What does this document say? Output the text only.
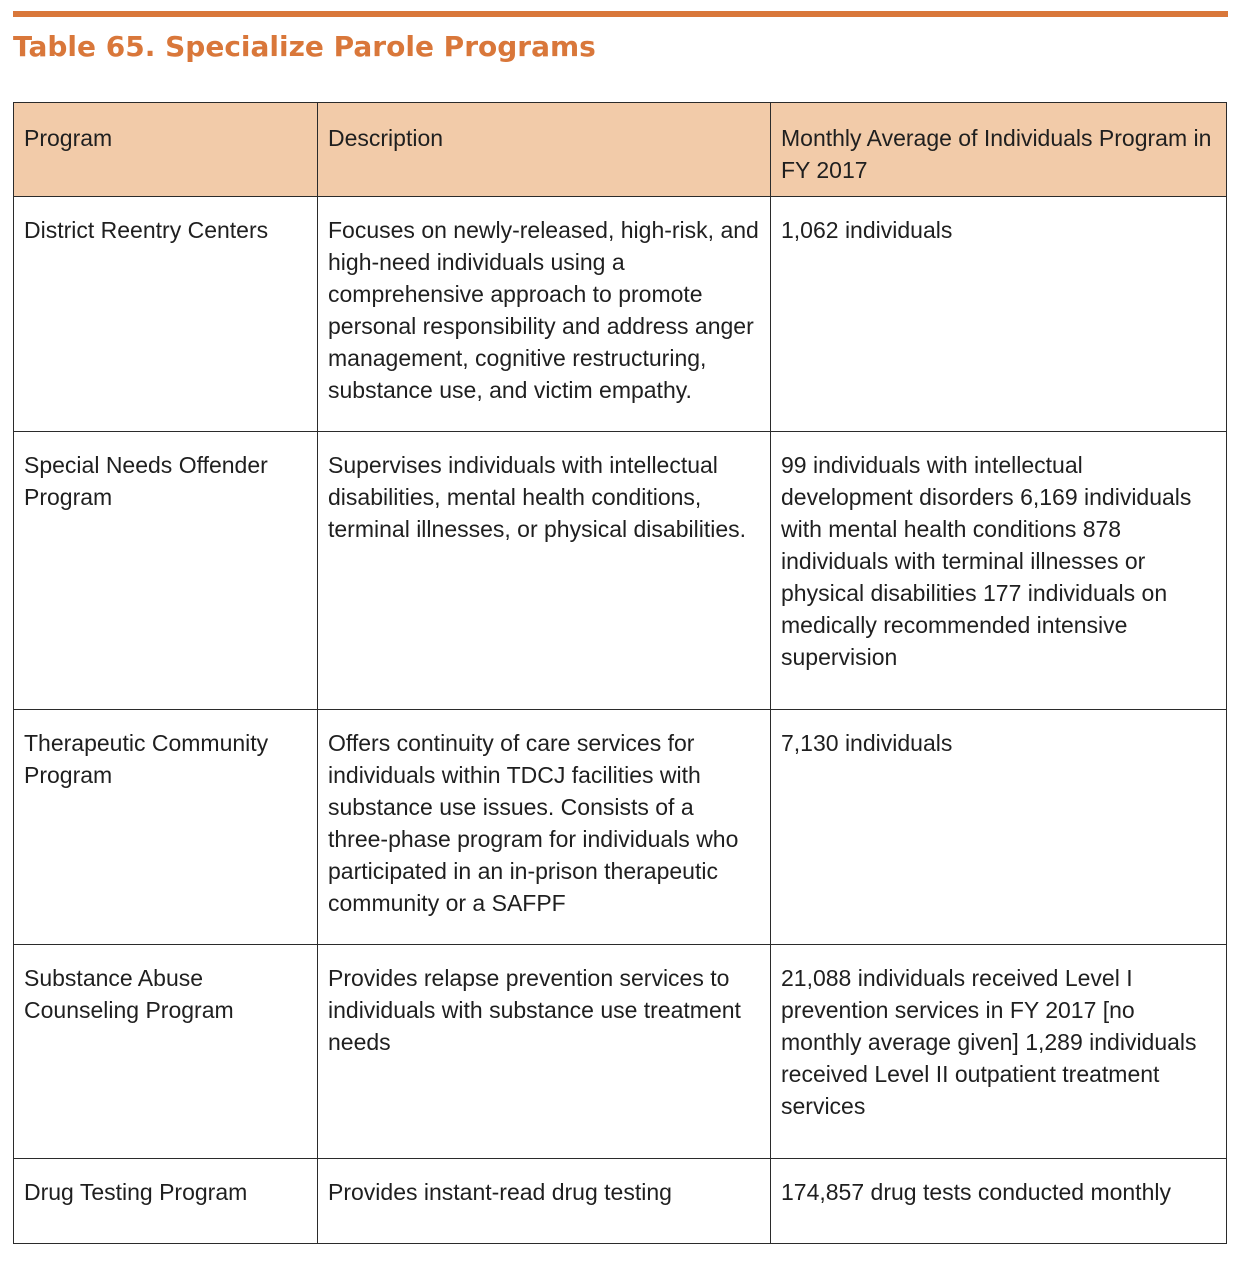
Table 65. Specialize Parole Programs
Program	Description	Monthly Average of Individuals Program in FY 2017
District Reentry Centers	Focuses on newly-released, high-risk, and high-need individuals using a comprehensive approach to promote personal responsibility and address anger management, cognitive restructuring, substance use, and victim empathy.	1,062 individuals
Special Needs Offender Program	Supervises individuals with intellectual disabilities, mental health conditions, terminal illnesses, or physical disabilities.	99 individuals with intellectual development disorders 6,169 individuals with mental health conditions 878 individuals with terminal illnesses or physical disabilities 177 individuals on medically recommended intensive supervision
Therapeutic Community Program	Offers continuity of care services for individuals within TDCJ facilities with substance use issues. Consists of a three-phase program for individuals who participated in an in-prison therapeutic community or a SAFPF	7,130 individuals
Substance Abuse Counseling Program	Provides relapse prevention services to individuals with substance use treatment needs	21,088 individuals received Level I prevention services in FY 2017 [no monthly average given] 1,289 individuals received Level II outpatient treatment services
Drug Testing Program	Provides instant-read drug testing	174,857 drug tests conducted monthly
